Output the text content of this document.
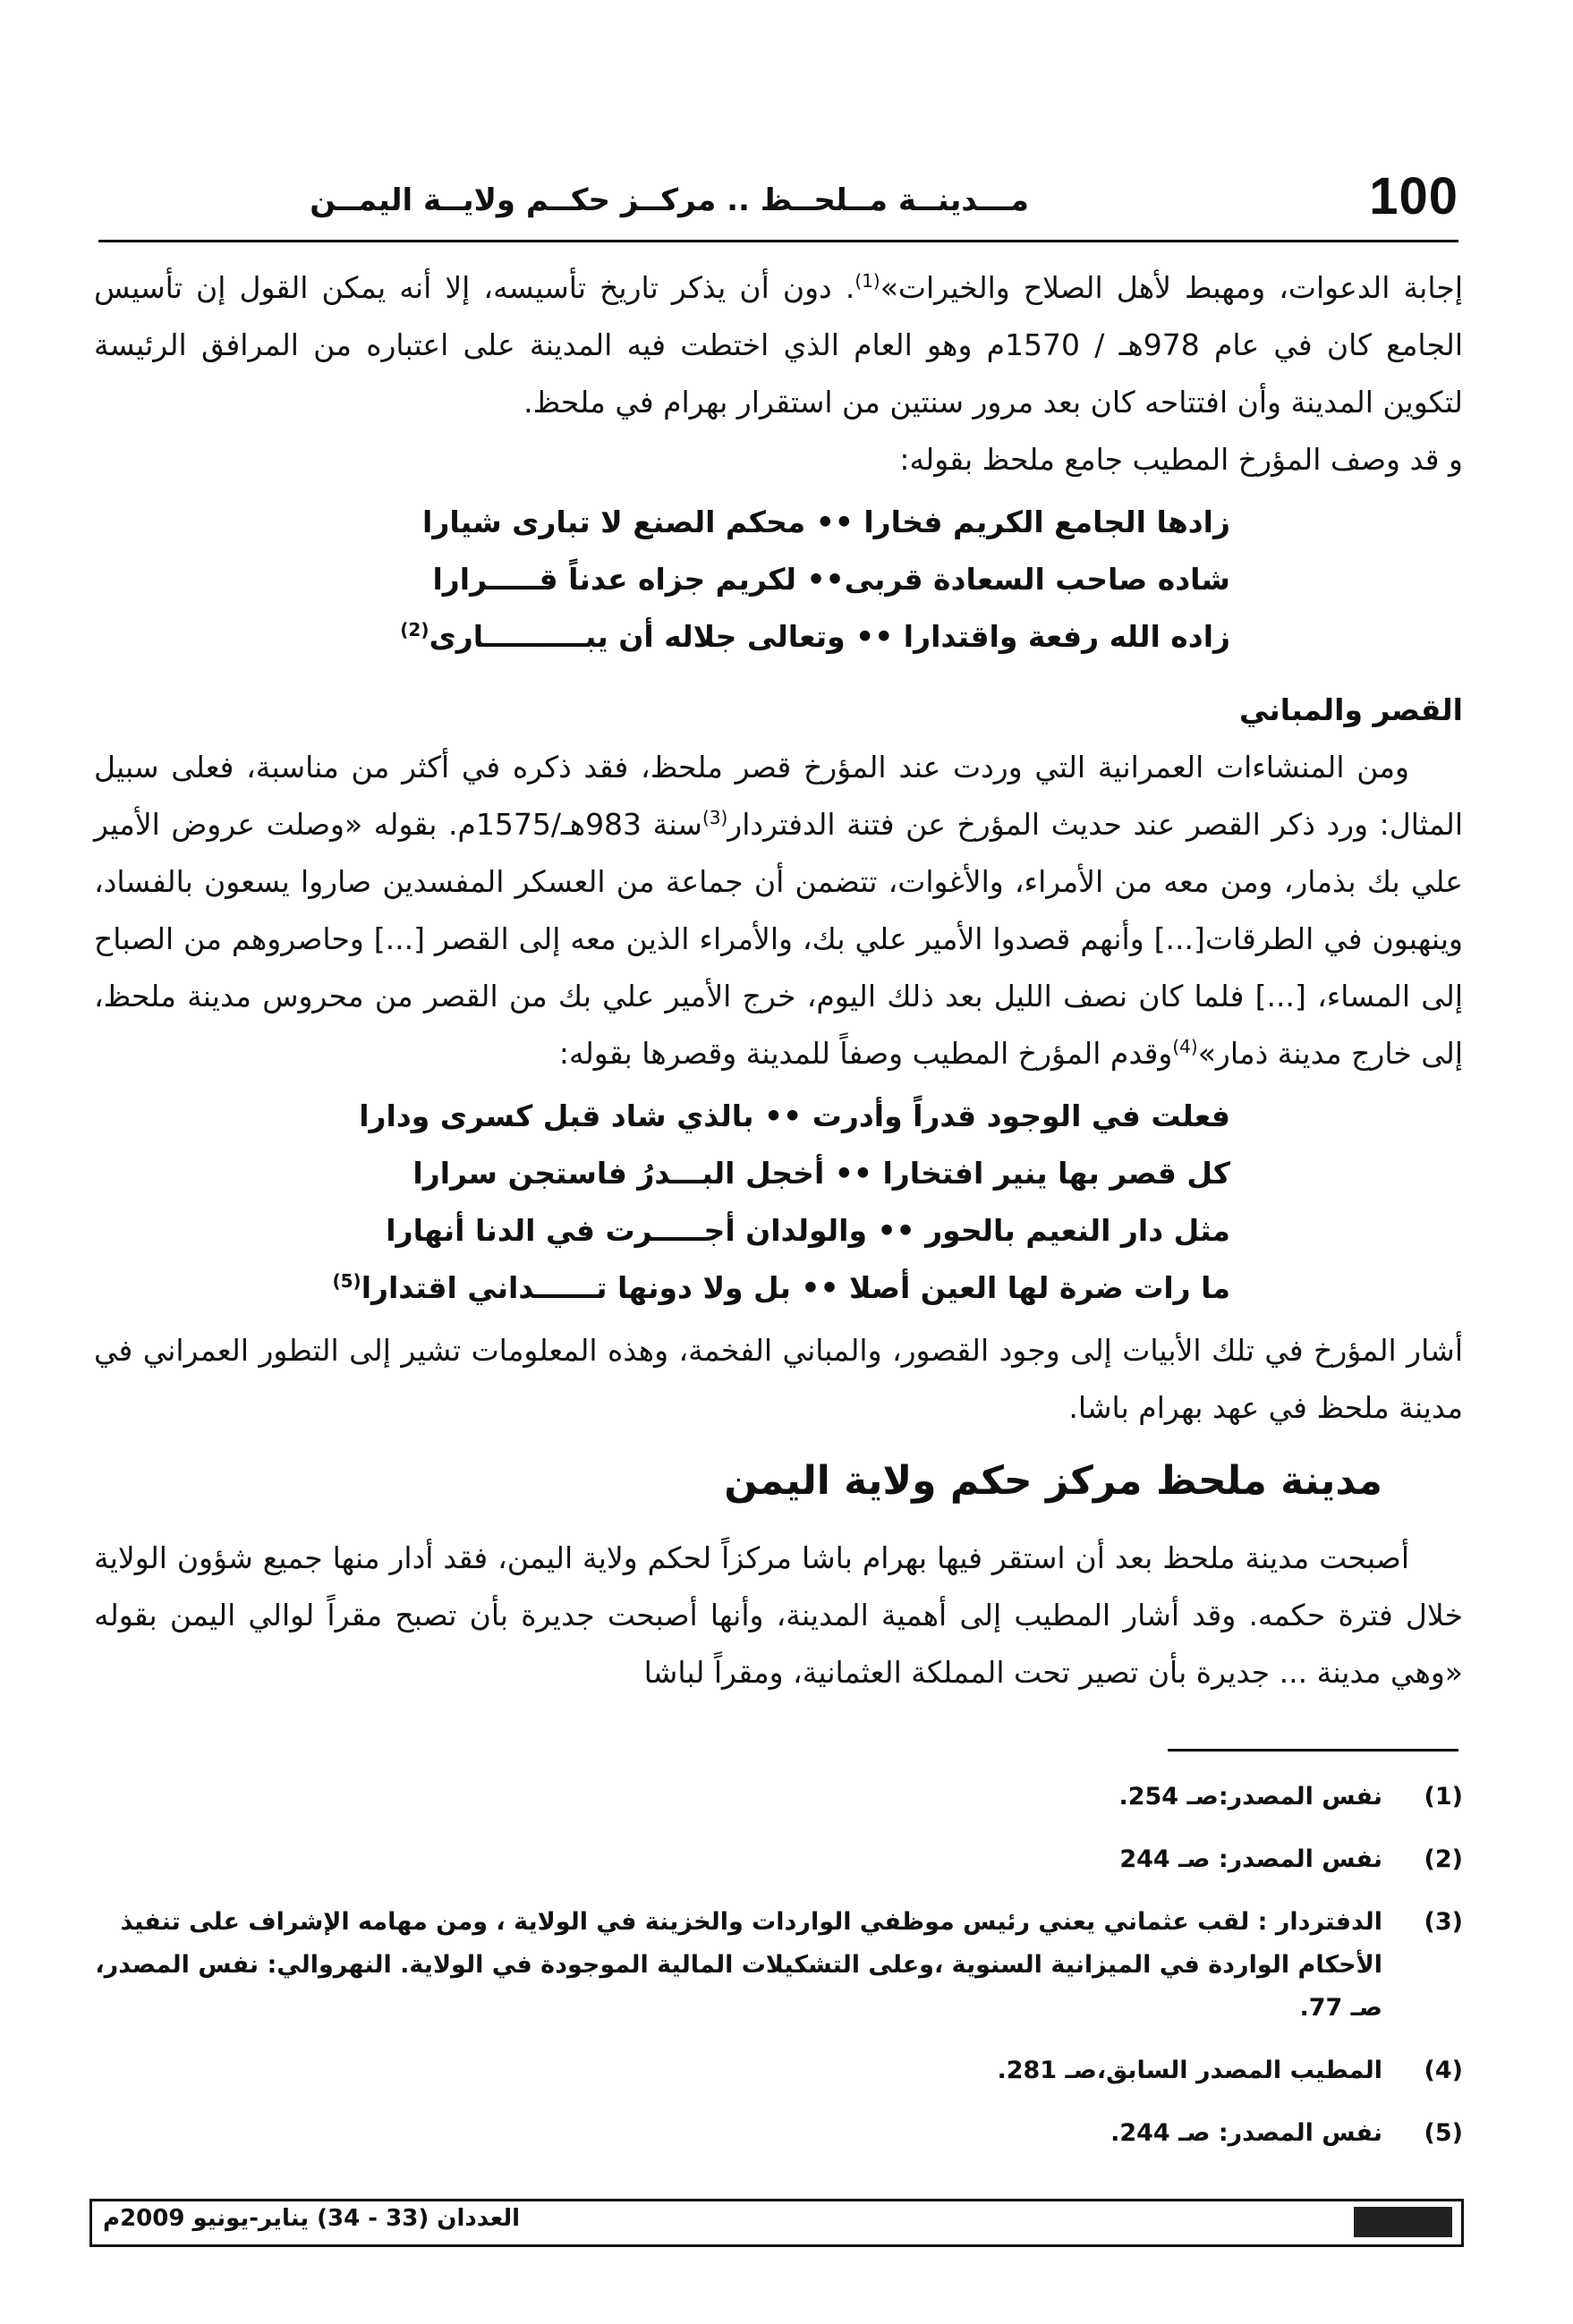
100
مـــدينــة مــلحــظ .. مركــز حكــم ولايــة اليمــن

إجابة الدعوات، ومهبط لأهل الصلاح والخيرات»$^{(1)}$. دون أن يذكر تاريخ تأسيسه، إلا أنه يمكن القول إن تأسيس الجامع كان في عام 978هـ / 1570م وهو العام الذي اختطت فيه المدينة على اعتباره من المرافق الرئيسة لتكوين المدينة وأن افتتاحه كان بعد مرور سنتين من استقرار بهرام في ملحظ.

و قد وصف المؤرخ المطيب جامع ملحظ بقوله:

زادها الجامع الكريم فخارا •• محكم الصنع لا تبارى شيارا

شاده صاحب السعادة قربى•• لكريم جزاه عدناً قـــــرارا

زاده الله رفعة واقتدارا •• وتعالى جلاله أن يبــــــــــارى$^{(2)}$

القصر والمباني

ومن المنشاءات العمرانية التي وردت عند المؤرخ قصر ملحظ، فقد ذكره في أكثر من مناسبة، فعلى سبيل المثال: ورد ذكر القصر عند حديث المؤرخ عن فتنة الدفتردار$^{(3)}$سنة 983هـ/1575م. بقوله «وصلت عروض الأمير علي بك بذمار، ومن معه من الأمراء، والأغوات، تتضمن أن جماعة من العسكر المفسدين صاروا يسعون بالفساد، وينهبون في الطرقات[...] وأنهم قصدوا الأمير علي بك، والأمراء الذين معه إلى القصر [...] وحاصروهم من الصباح إلى المساء، [...] فلما كان نصف الليل بعد ذلك اليوم، خرج الأمير علي بك من القصر من محروس مدينة ملحظ، إلى خارج مدينة ذمار»$^{(4)}$وقدم المؤرخ المطيب وصفاً للمدينة وقصرها بقوله:

فعلت في الوجود قدراً وأدرت •• بالذي شاد قبل كسرى ودارا

كل قصر بها ينير افتخارا •• أخجل البـــدرُ فاستجن سرارا

مثل دار النعيم بالحور •• والولدان أجـــــرت في الدنا أنهارا

ما رات ضرة لها العين أصلا •• بل ولا دونها تــــــداني اقتدارا$^{(5)}$

أشار المؤرخ في تلك الأبيات إلى وجود القصور، والمباني الفخمة، وهذه المعلومات تشير إلى التطور العمراني في مدينة ملحظ في عهد بهرام باشا.

مدينة ملحظ مركز حكم ولاية اليمن

أصبحت مدينة ملحظ بعد أن استقر فيها بهرام باشا مركزاً لحكم ولاية اليمن، فقد أدار منها جميع شؤون الولاية خلال فترة حكمه. وقد أشار المطيب إلى أهمية المدينة، وأنها أصبحت جديرة بأن تصبح مقراً لوالي اليمن بقوله «وهي مدينة ... جديرة بأن تصير تحت المملكة العثمانية، ومقراً لباشا

(1)
نفس المصدر:صـ 254.

(2)
نفس المصدر: صـ 244

(3)
الدفتردار : لقب عثماني يعني رئيس موظفي الواردات والخزينة في الولاية ، ومن مهامه الإشراف على تنفيذ الأحكام الواردة في الميزانية السنوية ،وعلى التشكيلات المالية الموجودة في الولاية. النهروالي: نفس المصدر، صـ 77.

(4)
المطيب المصدر السابق،صـ 281.

(5)
نفس المصدر: صـ 244.

العددان (33 - 34) يناير-يونيو 2009م
